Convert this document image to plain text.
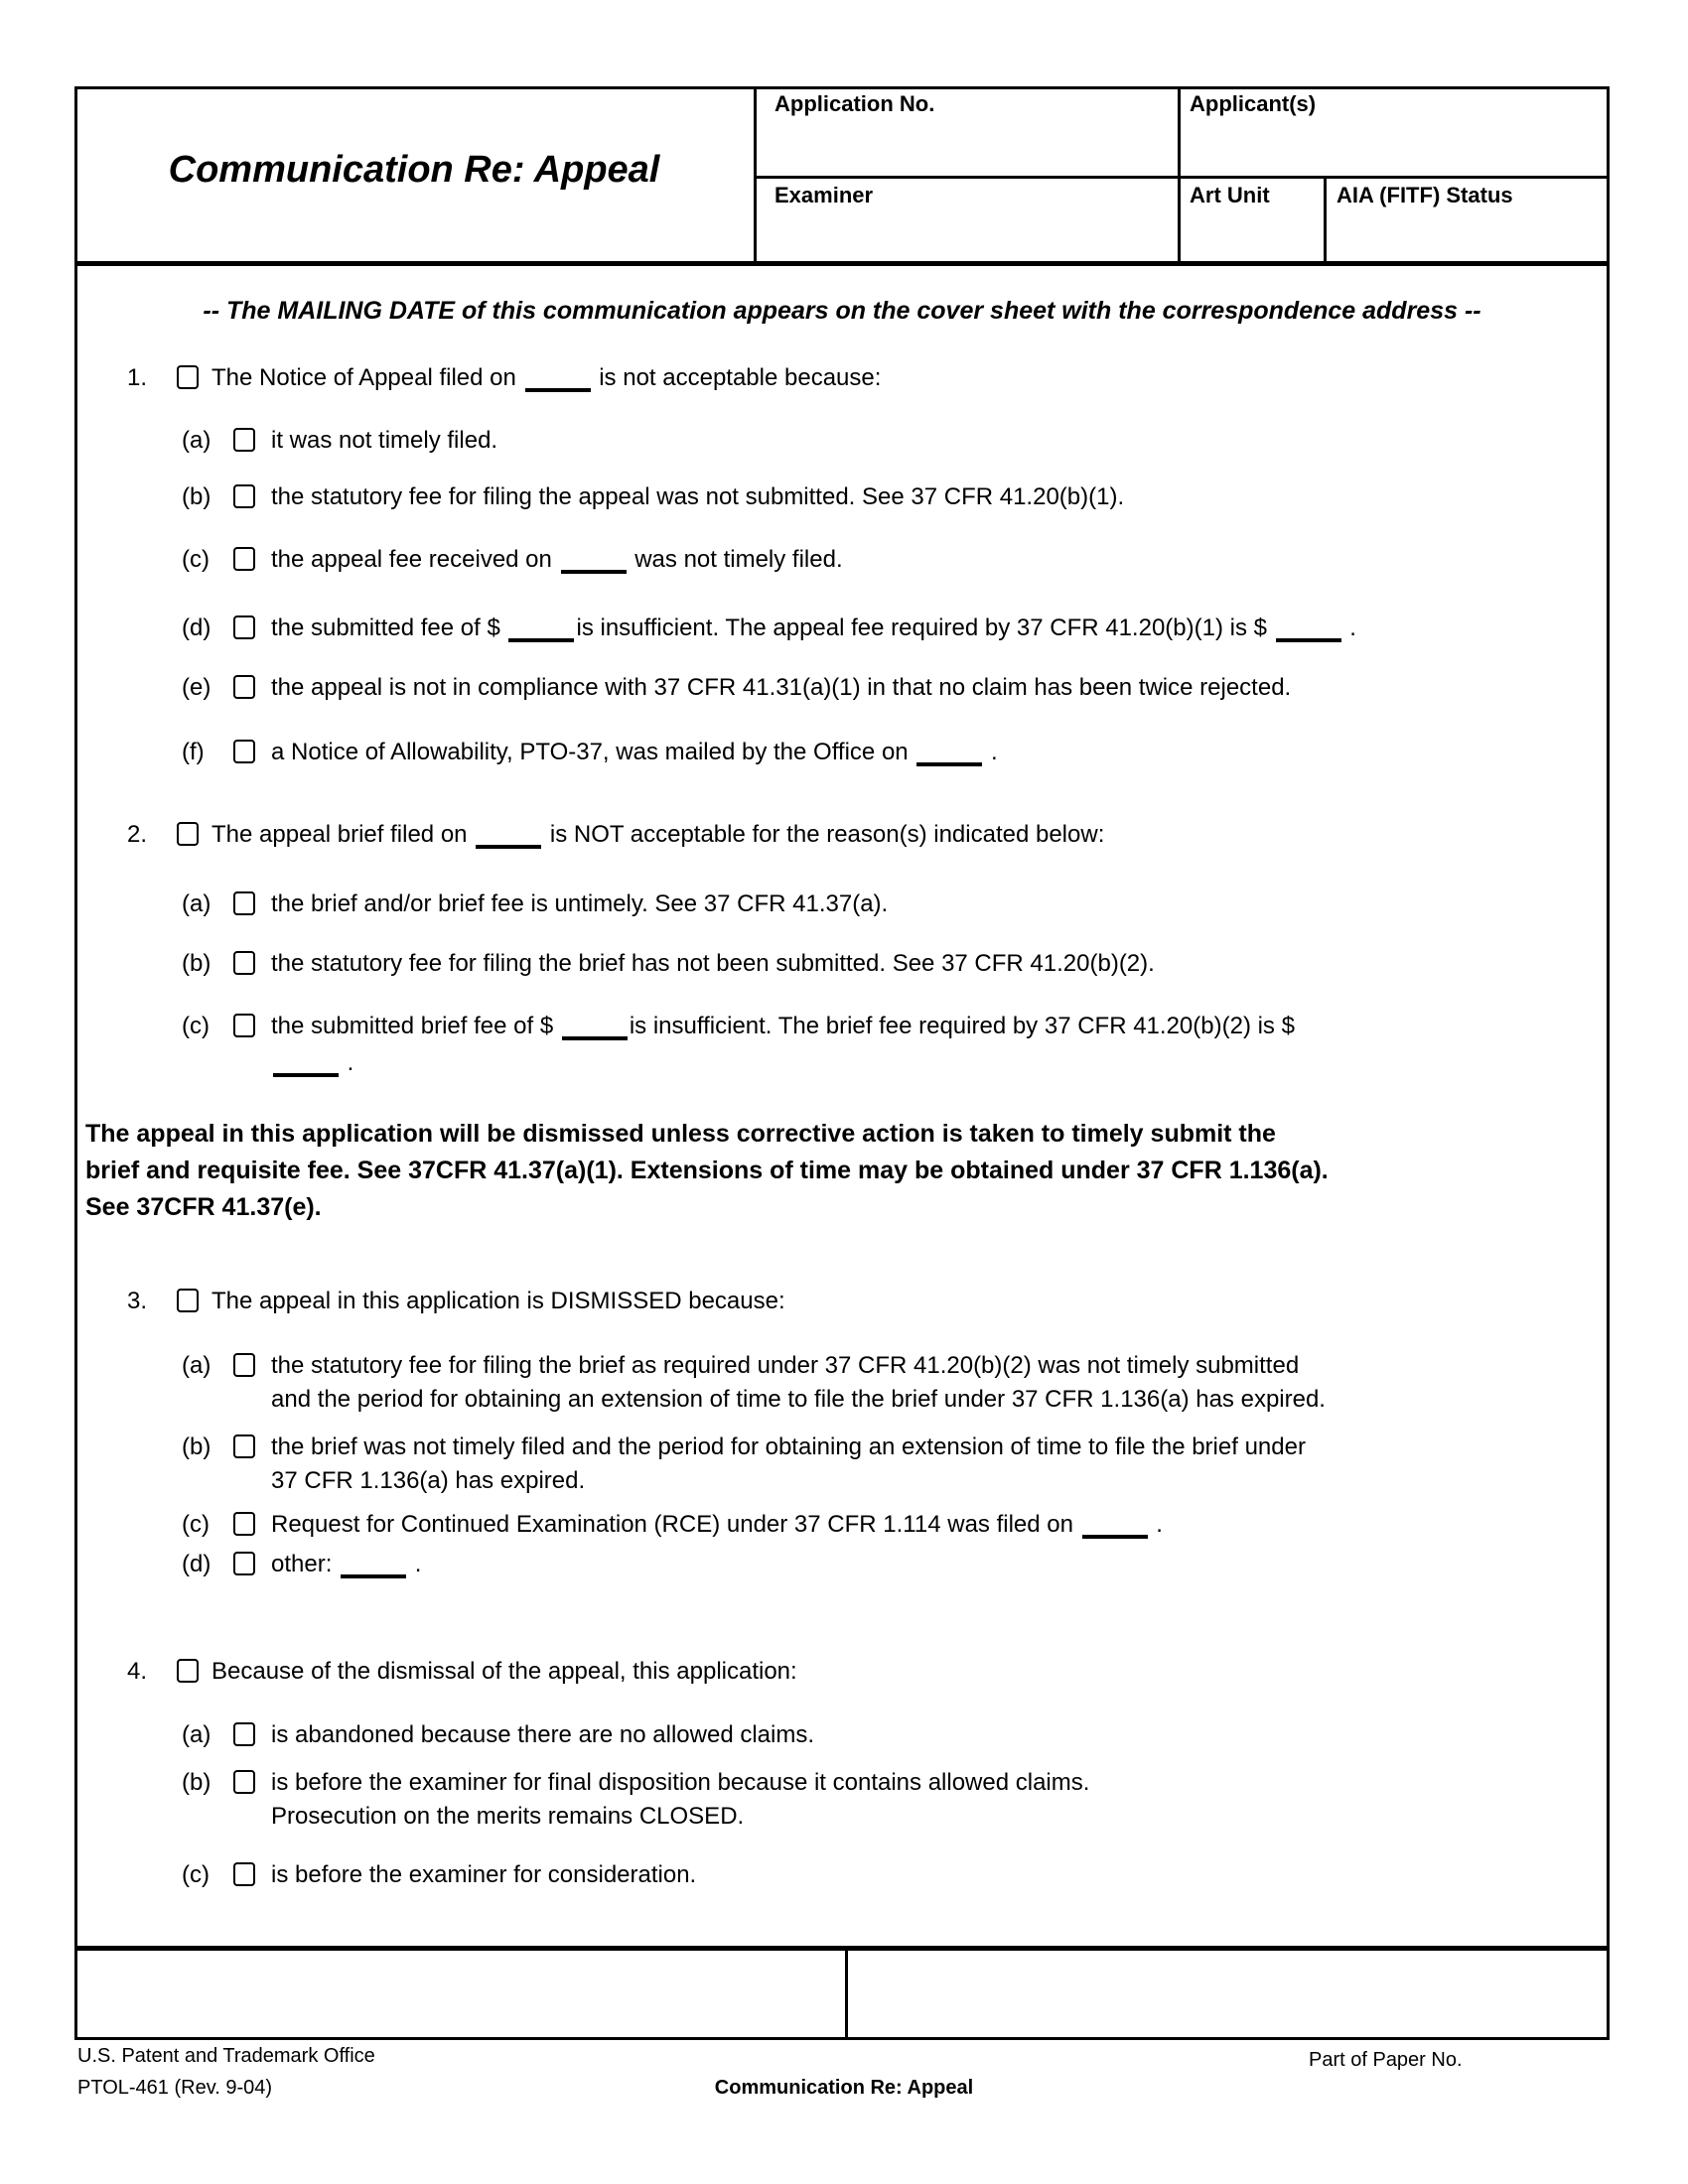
Communication Re: Appeal
Application No.	Applicant(s)
Examiner	Art Unit	AIA (FITF) Status
-- The MAILING DATE of this communication appears on the cover sheet with the correspondence address --
1.	The Notice of Appeal filed on	is not acceptable because:
(a)	it was not timely filed.
(b)	the statutory fee for filing the appeal was not submitted. See 37 CFR 41.20(b)(1).
(c)	the appeal fee received on	was not timely filed.
(d)	the submitted fee of $	is insufficient. The appeal fee required by 37 CFR 41.20(b)(1) is $	.
(e)	the appeal is not in compliance with 37 CFR 41.31(a)(1) in that no claim has been twice rejected.
(f)	a Notice of Allowability, PTO-37, was mailed by the Office on	.
2.	The appeal brief filed on	is NOT acceptable for the reason(s) indicated below:
(a)	the brief and/or brief fee is untimely. See 37 CFR 41.37(a).
(b)	the statutory fee for filing the brief has not been submitted. See 37 CFR 41.20(b)(2).
(c)	the submitted brief fee of $	is insufficient. The brief fee required by 37 CFR 41.20(b)(2) is $
.
The appeal in this application will be dismissed unless corrective action is taken to timely submit the
brief and requisite fee. See 37CFR 41.37(a)(1). Extensions of time may be obtained under 37 CFR 1.136(a).
See 37CFR 41.37(e).
3.	The appeal in this application is DISMISSED because:
(a)	the statutory fee for filing the brief as required under 37 CFR 41.20(b)(2) was not timely submitted
and the period for obtaining an extension of time to file the brief under 37 CFR 1.136(a) has expired.
(b)	the brief was not timely filed and the period for obtaining an extension of time to file the brief under
37 CFR 1.136(a) has expired.
(c)	Request for Continued Examination (RCE) under 37 CFR 1.114 was filed on	.
(d)	other:	.
4.	Because of the dismissal of the appeal, this application:
(a)	is abandoned because there are no allowed claims.
(b)	is before the examiner for final disposition because it contains allowed claims.
Prosecution on the merits remains CLOSED.
(c)	is before the examiner for consideration.
U.S. Patent and Trademark Office	Part of Paper No.
PTOL-461 (Rev. 9-04)	Communication Re: Appeal
